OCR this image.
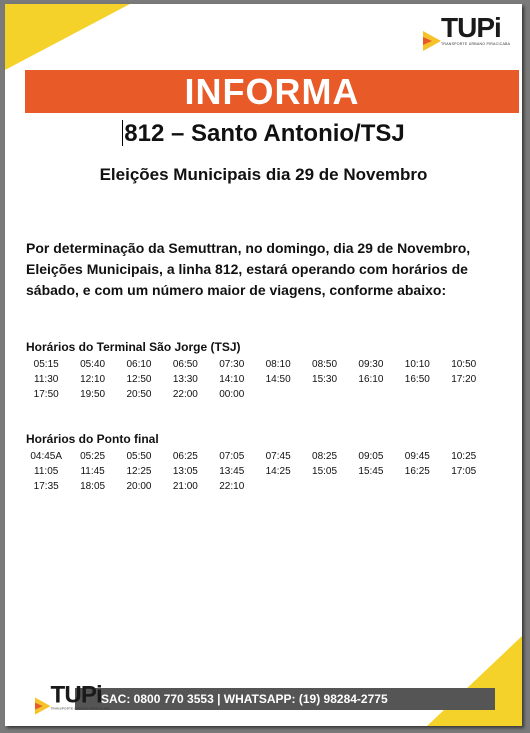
TUPi
TRANSPORTE URBANO PIRACICABA
INFORMA
812 – Santo Antonio/TSJ
Eleições Municipais dia 29 de Novembro
Por determinação da Semuttran, no domingo, dia 29 de Novembro,
Eleições Municipais, a linha 812, estará operando com horários de
sábado, e com um número maior de viagens, conforme abaixo:
Horários do Terminal São Jorge (TSJ)
05:15	05:40	06:10	06:50	07:30	08:10	08:50	09:30	10:10	10:50
11:30	12:10	12:50	13:30	14:10	14:50	15:30	16:10	16:50	17:20
17:50	19:50	20:50	22:00	00:00
Horários do Ponto final
04:45A	05:25	05:50	06:25	07:05	07:45	08:25	09:05	09:45	10:25
11:05	11:45	12:25	13:05	13:45	14:25	15:05	15:45	16:25	17:05
17:35	18:05	20:00	21:00	22:10
SAC: 0800 770 3553 | WHATSAPP: (19) 98284-2775
TUPi
TRANSPORTE URBANO PIRACICABA
